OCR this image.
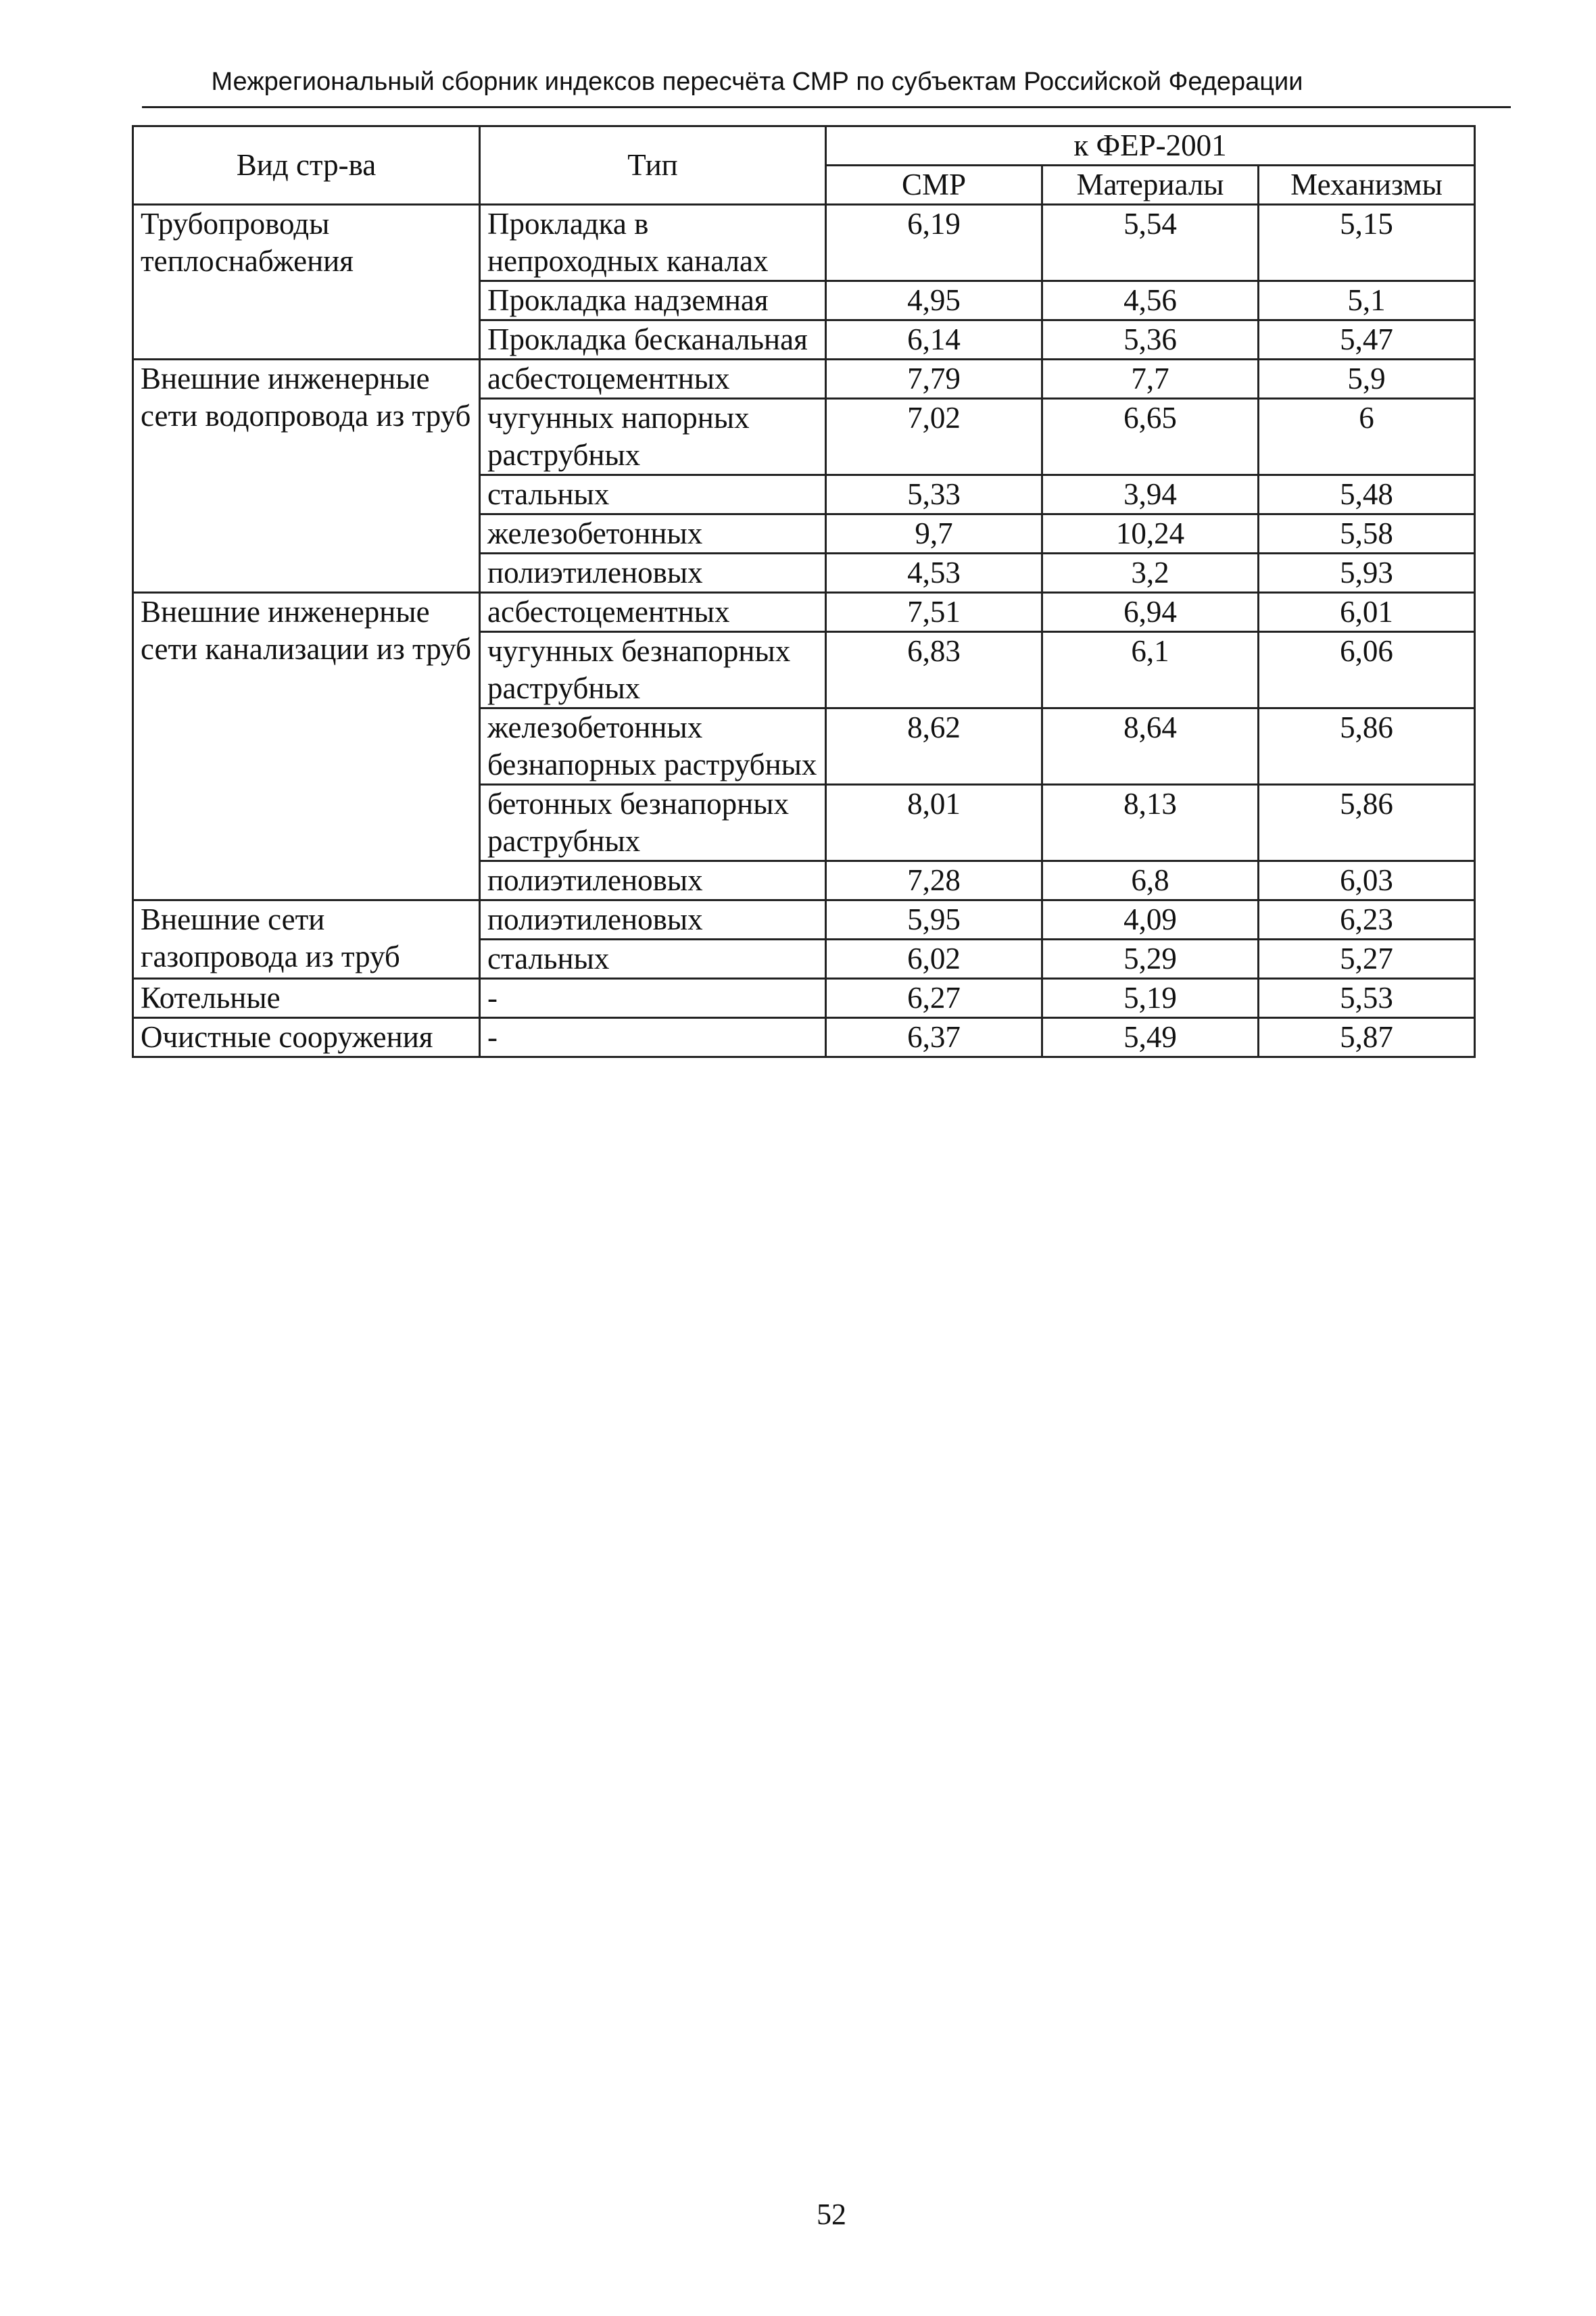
Межрегиональный сборник индексов пересчёта СМР по субъектам Российской Федерации
Вид стр-ва	Тип	к ФЕР-2001		
		СМР	Материалы	Механизмы
Трубопроводы теплоснабжения	Прокладка в непроходных каналах	6,19	5,54	5,15
	Прокладка надземная	4,95	4,56	5,1
	Прокладка бесканальная	6,14	5,36	5,47
Внешние инженерные сети водопровода из труб	асбестоцементных	7,79	7,7	5,9
	чугунных напорных раструбных	7,02	6,65	6
	стальных	5,33	3,94	5,48
	железобетонных	9,7	10,24	5,58
	полиэтиленовых	4,53	3,2	5,93
Внешние инженерные сети канализации из труб	асбестоцементных	7,51	6,94	6,01
	чугунных безнапорных раструбных	6,83	6,1	6,06
	железобетонных безнапорных раструбных	8,62	8,64	5,86
	бетонных безнапорных раструбных	8,01	8,13	5,86
	полиэтиленовых	7,28	6,8	6,03
Внешние сети газопровода из труб	полиэтиленовых	5,95	4,09	6,23
	стальных	6,02	5,29	5,27
Котельные	-	6,27	5,19	5,53
Очистные сооружения	-	6,37	5,49	5,87
52
